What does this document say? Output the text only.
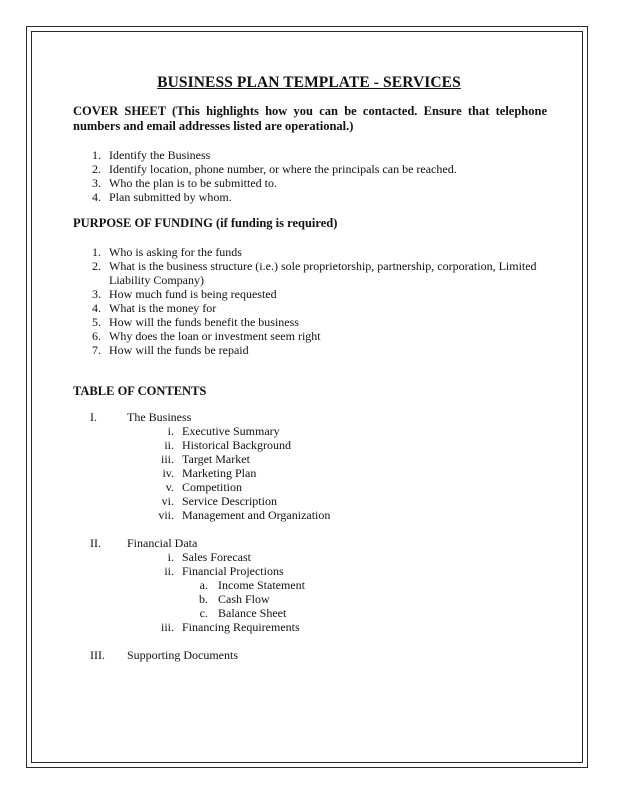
BUSINESS PLAN TEMPLATE - SERVICES
COVER SHEET (This highlights how you can be contacted. Ensure that telephone numbers and email addresses listed are operational.)
1. Identify the Business
2. Identify location, phone number, or where the principals can be reached.
3. Who the plan is to be submitted to.
4. Plan submitted by whom.
PURPOSE OF FUNDING (if funding is required)
1. Who is asking for the funds
2. What is the business structure (i.e.) sole proprietorship, partnership, corporation, Limited Liability Company)
3. How much fund is being requested
4. What is the money for
5. How will the funds benefit the business
6. Why does the loan or investment seem right
7. How will the funds be repaid
TABLE OF CONTENTS
I.	The Business
i. Executive Summary
ii. Historical Background
iii. Target Market
iv. Marketing Plan
v. Competition
vi. Service Description
vii. Management and Organization
II. Financial Data
i. Sales Forecast
ii. Financial Projections
a. Income Statement
b. Cash Flow
c. Balance Sheet
iii. Financing Requirements
III. Supporting Documents
